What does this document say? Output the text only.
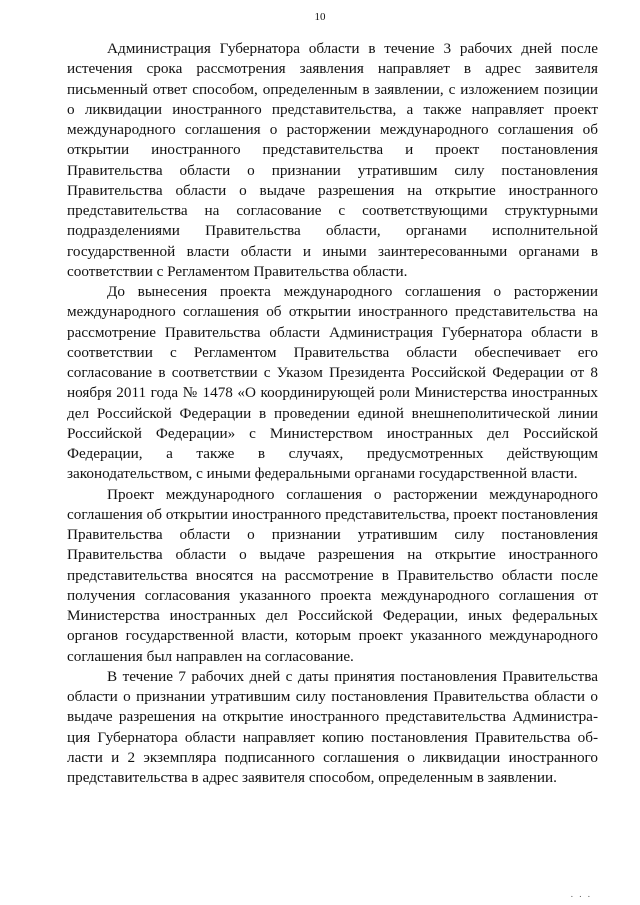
10

Администрация Губернатора области в течение 3 рабочих дней после истечения срока рассмотрения заявления направляет в адрес заявителя письменный ответ способом, определенным в заявлении, с изложением позиции о ликвидации иностранного представительства, а также направляет проект международного соглашения о расторжении международного соглашения об открытии иностранного представительства и проект постановления Правительства области о признании утратившим силу постановления Правительства области о выдаче разрешения на открытие иностранного представительства на согласование с соответствующими структурными подразделениями Правительства области, органами исполнительной государственной власти области и иными заинтересованными органами в соответствии с Регламентом Правительства области.

До вынесения проекта международного соглашения о расторжении международного соглашения об открытии иностранного представительства на рассмотрение Правительства области Администрация Губернатора области в соответствии с Регламентом Правительства области обеспечивает его согласование в соответствии с Указом Президента Российской Федерации от 8 ноября 2011 года № 1478 «О координирующей роли Министерства иностранных дел Российской Федерации в проведении единой внешнеполитической линии Российской Федерации» с Министерством иностранных дел Российской Федерации, а также в случаях, предусмотренных действующим законодательством, с иными федеральными органами государственной власти.

Проект международного соглашения о расторжении международного соглашения об открытии иностранного представительства, проект постановления Правительства области о признании утратившим силу постановления Правительства области о выдаче разрешения на открытие иностранного представительства вносятся на рассмотрение в Правительство области после получения согласования указанного проекта международного соглашения от Министерства иностранных дел Российской Федерации, иных федеральных органов государственной власти, которым проект указанного международного соглашения был направлен на согласование.

В течение 7 рабочих дней с даты принятия постановления Правительства области о признании утратившим силу постановления Правительства области о выдаче разрешения на открытие иностранного представительства Администрация Губернатора области направляет копию постановления Правительства области и 2 экземпляра подписанного соглашения о ликвидации иностранного представительства в адрес заявителя способом, определенным в заявлении.

. . .
